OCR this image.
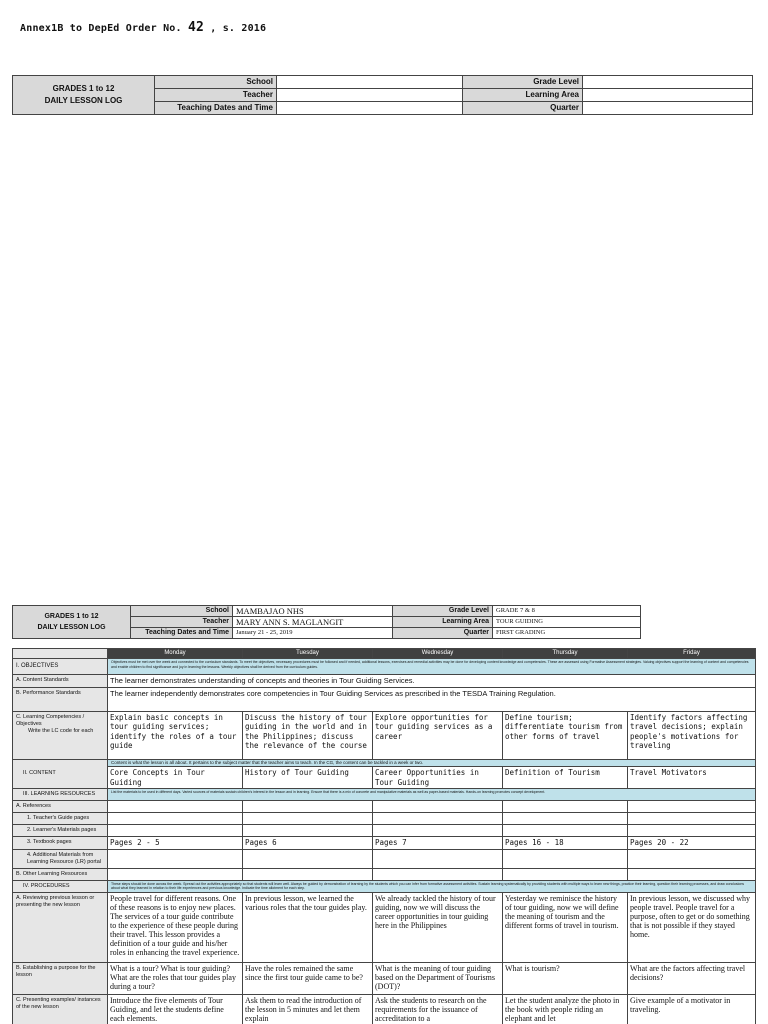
Annex1B to DepEd Order No. 42 , s. 2016
GRADES 1 to 12
DAILY LESSON LOG	School		Grade Level	
	Teacher		Learning Area	
	Teaching Dates and Time		Quarter	
GRADES 1 to 12
DAILY LESSON LOG	School	MAMBAJAO NHS	Grade Level	GRADE 7 & 8
	Teacher	MARY ANN S. MAGLANGIT	Learning Area	TOUR GUIDING
	Teaching Dates and Time	January 21 - 25, 2019	Quarter	FIRST GRADING
	Monday	Tuesday	Wednesday	Thursday	Friday
I. OBJECTIVES	Objectives must be met over the week and connected to the curriculum standards. To meet the objectives, necessary procedures must be followed and if needed, additional lessons, exercises and remedial activities may be done for developing content knowledge and competencies. These are assessed using Formative Assessment strategies. Valuing objectives support the learning of content and competencies and enable children to find significance and joy in learning the lessons. Weekly objectives shall be derived from the curriculum guides.				
A. Content Standards	The learner demonstrates understanding of concepts and theories in Tour Guiding Services.				
B. Performance Standards	The learner independently demonstrates core competencies in Tour Guiding Services as prescribed in the TESDA Training Regulation.				

C. Learning Competencies / Objectives
Write the LC code for each	Explain basic concepts in tour guiding services; identify the roles of a tour guide	Discuss the history of tour guiding in the world and in the Philippines; discuss the relevance of the course	Explore opportunities for tour guiding services as a career	Define tourism; differentiate tourism from other forms of travel	Identify factors affecting travel decisions; explain people's motivations for traveling
II. CONTENT	Content is what the lesson is all about. It pertains to the subject matter that the teacher aims to teach. In the CG, the content can be tackled in a week or two.				
	Core Concepts in Tour Guiding	History of Tour Guiding	Career Opportunities in Tour Guiding	Definition of Tourism	Travel Motivators
III. LEARNING RESOURCES	List the materials to be used in different days. Varied sources of materials sustain children's interest in the lesson and in learning. Ensure that there is a mix of concrete and manipulative materials as well as paper-based materials. Hands-on learning promotes concept development.				
A. References					
1. Teacher's Guide pages					
2. Learner's Materials pages					
3. Textbook pages	Pages 2 - 5	Pages 6	Pages 7	Pages 16 - 18	Pages 20 - 22
4. Additional Materials from Learning Resource (LR) portal					
B. Other Learning Resources					
IV. PROCEDURES	These steps should be done across the week. Spread out the activities appropriately so that students will learn well. Always be guided by demonstration of learning by the students which you can infer from formative assessment activities. Sustain learning systematically by providing students with multiple ways to learn new things, practice their learning, question their learning processes, and draw conclusions about what they learned in relation to their life experiences and previous knowledge. Indicate the time allotment for each step.				
A. Reviewing previous lesson or presenting the new lesson	People travel for different reasons. One of these reasons is to enjoy new places. The services of a tour guide contribute to the experience of these people during their travel. This lesson provides a definition of a tour guide and his/her roles in enhancing the travel experience.	In previous lesson, we learned the various roles that the tour guides play.	We already tackled the history of tour guiding, now we will discuss the career opportunities in tour guiding here in the Philippines	Yesterday we reminisce the history of tour guiding, now we will define the meaning of tourism and the different forms of travel in tourism.	In previous lesson, we discussed why people travel. People travel for a purpose, often to get or do something that is not possible if they stayed home.
B. Establishing a purpose for the lesson	What is a tour? What is tour guiding? What are the roles that tour guides play during a tour?	Have the roles remained the same since the first tour guide came to be?	What is the meaning of tour guiding based on the Department of Tourisms (DOT)?	What is tourism?	What are the factors affecting travel decisions?
C. Presenting examples/ instances of the new lesson	Introduce the five elements of Tour Guiding, and let the students define each elements.	Ask them to read the introduction of the lesson in 5 minutes and let them explain	Ask the students to research on the requirements for the issuance of accreditation to a	Let the student analyze the photo in the book with people riding an elephant and let	Give example of a motivator in traveling.
